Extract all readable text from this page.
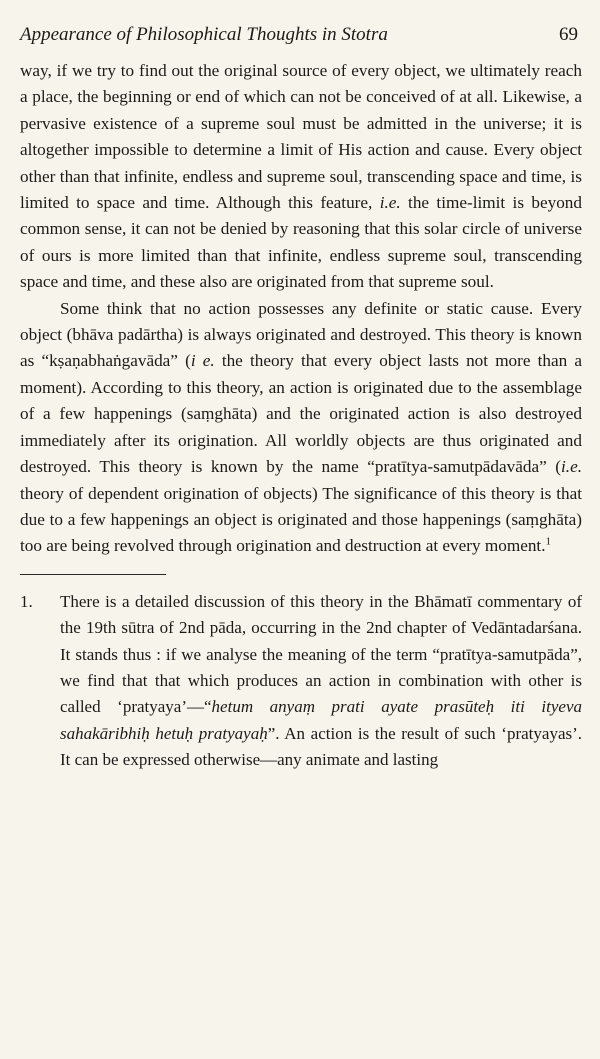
Appearance of Philosophical Thoughts in Stotra	69

way, if we try to find out the original source of every object, we ultimately reach a place, the beginning or end of which can not be conceived of at all. Likewise, a pervasive existence of a supreme soul must be admitted in the universe; it is altogether impossible to determine a limit of His action and cause. Every object other than that infinite, endless and supreme soul, transcending space and time, is limited to space and time. Although this feature, i.e. the time-limit is beyond common sense, it can not be denied by reasoning that this solar circle of universe of ours is more limited than that infinite, endless supreme soul, transcending space and time, and these also are originated from that supreme soul.

Some think that no action possesses any definite or static cause. Every object (bhāva padārtha) is always originated and destroyed. This theory is known as “kṣaṇabhaṅgavāda” (i e. the theory that every object lasts not more than a moment). According to this theory, an action is originated due to the assemblage of a few happenings (saṃghāta) and the originated action is also destroyed immediately after its origination. All worldly objects are thus originated and destroyed. This theory is known by the name “pratītya-samutpādavāda” (i.e. theory of dependent origination of objects) The significance of this theory is that due to a few happenings an object is originated and those happenings (saṃghāta) too are being revolved through origination and destruction at every moment.$^1$

1.	There is a detailed discussion of this theory in the Bhāmatī commentary of the 19th sūtra of 2nd pāda, occurring in the 2nd chapter of Vedāntadarśana. It stands thus : if we analyse the meaning of the term “pratītya-samutpāda”, we find that that which produces an action in combination with other is called ‘pratyaya’—“hetum anyaṃ prati ayate prasūteḥ iti ityeva sahakāribhiḥ hetuḥ pratyayaḥ”. An action is the result of such ‘pratyayas’. It can be expressed otherwise—any animate and lasting
